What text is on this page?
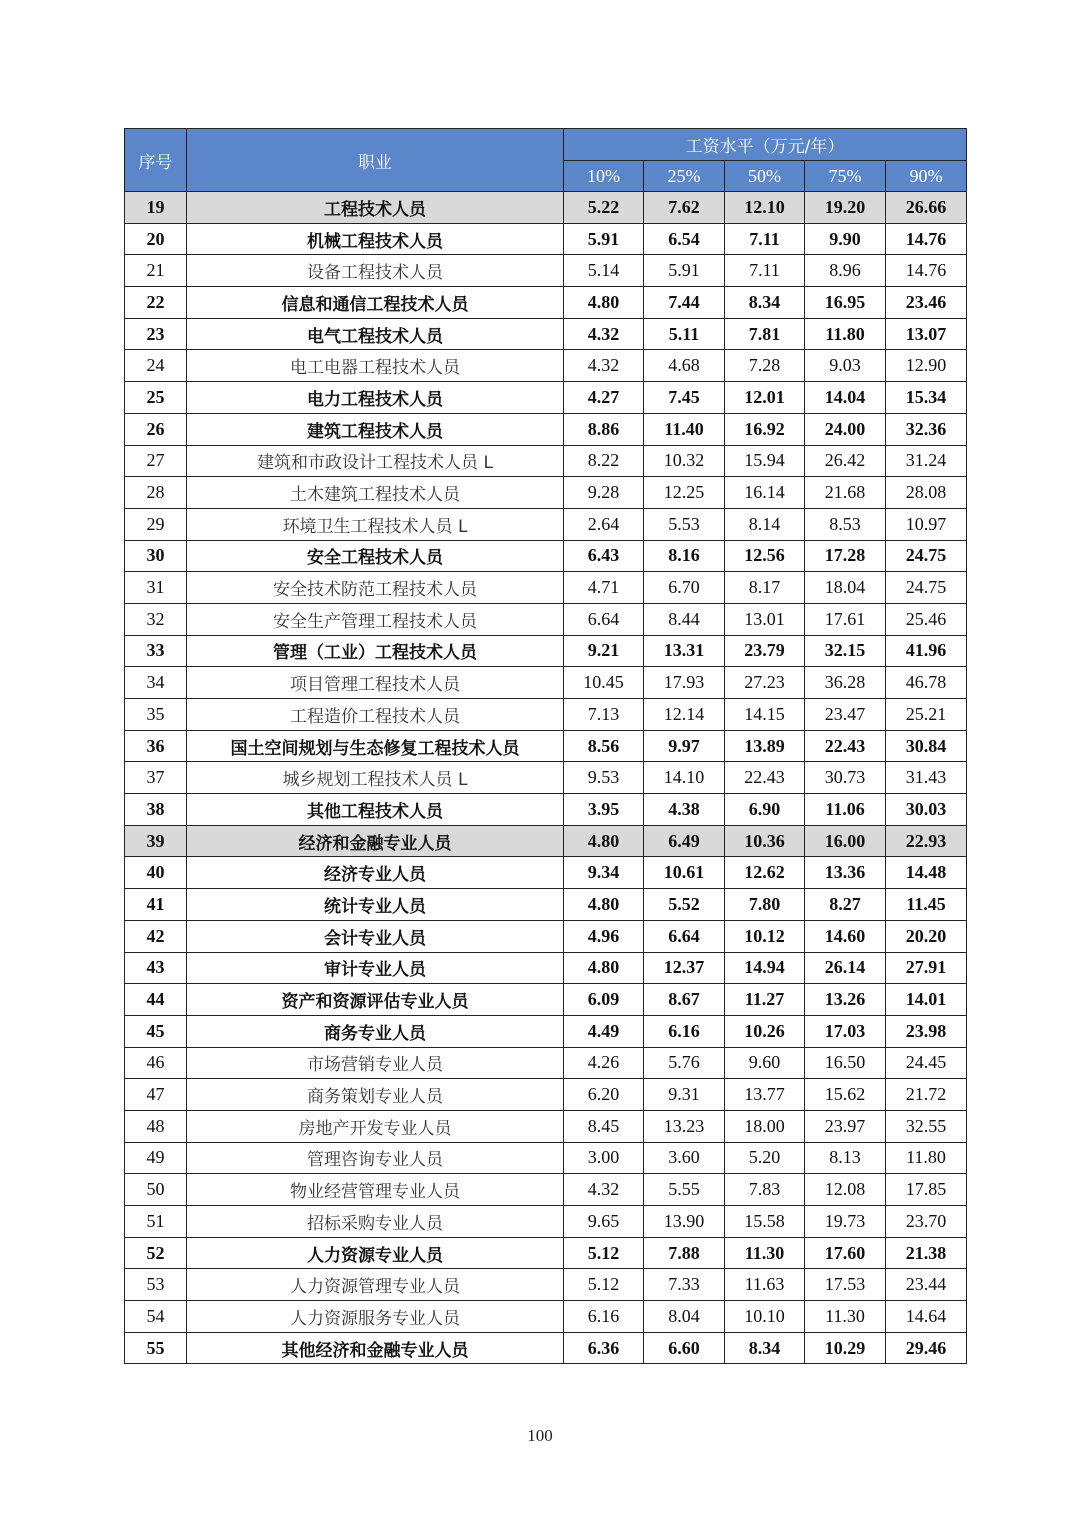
序号	职业	工资水平（万元/年）				
		10%	25%	50%	75%	90%
19	工程技术人员	5.22	7.62	12.10	19.20	26.66
20	机械工程技术人员	5.91	6.54	7.11	9.90	14.76
21	设备工程技术人员	5.14	5.91	7.11	8.96	14.76
22	信息和通信工程技术人员	4.80	7.44	8.34	16.95	23.46
23	电气工程技术人员	4.32	5.11	7.81	11.80	13.07
24	电工电器工程技术人员	4.32	4.68	7.28	9.03	12.90
25	电力工程技术人员	4.27	7.45	12.01	14.04	15.34
26	建筑工程技术人员	8.86	11.40	16.92	24.00	32.36
27	建筑和市政设计工程技术人员 L	8.22	10.32	15.94	26.42	31.24
28	土木建筑工程技术人员	9.28	12.25	16.14	21.68	28.08
29	环境卫生工程技术人员 L	2.64	5.53	8.14	8.53	10.97
30	安全工程技术人员	6.43	8.16	12.56	17.28	24.75
31	安全技术防范工程技术人员	4.71	6.70	8.17	18.04	24.75
32	安全生产管理工程技术人员	6.64	8.44	13.01	17.61	25.46
33	管理（工业）工程技术人员	9.21	13.31	23.79	32.15	41.96
34	项目管理工程技术人员	10.45	17.93	27.23	36.28	46.78
35	工程造价工程技术人员	7.13	12.14	14.15	23.47	25.21
36	国土空间规划与生态修复工程技术人员	8.56	9.97	13.89	22.43	30.84
37	城乡规划工程技术人员 L	9.53	14.10	22.43	30.73	31.43
38	其他工程技术人员	3.95	4.38	6.90	11.06	30.03
39	经济和金融专业人员	4.80	6.49	10.36	16.00	22.93
40	经济专业人员	9.34	10.61	12.62	13.36	14.48
41	统计专业人员	4.80	5.52	7.80	8.27	11.45
42	会计专业人员	4.96	6.64	10.12	14.60	20.20
43	审计专业人员	4.80	12.37	14.94	26.14	27.91
44	资产和资源评估专业人员	6.09	8.67	11.27	13.26	14.01
45	商务专业人员	4.49	6.16	10.26	17.03	23.98
46	市场营销专业人员	4.26	5.76	9.60	16.50	24.45
47	商务策划专业人员	6.20	9.31	13.77	15.62	21.72
48	房地产开发专业人员	8.45	13.23	18.00	23.97	32.55
49	管理咨询专业人员	3.00	3.60	5.20	8.13	11.80
50	物业经营管理专业人员	4.32	5.55	7.83	12.08	17.85
51	招标采购专业人员	9.65	13.90	15.58	19.73	23.70
52	人力资源专业人员	5.12	7.88	11.30	17.60	21.38
53	人力资源管理专业人员	5.12	7.33	11.63	17.53	23.44
54	人力资源服务专业人员	6.16	8.04	10.10	11.30	14.64
55	其他经济和金融专业人员	6.36	6.60	8.34	10.29	29.46
100
